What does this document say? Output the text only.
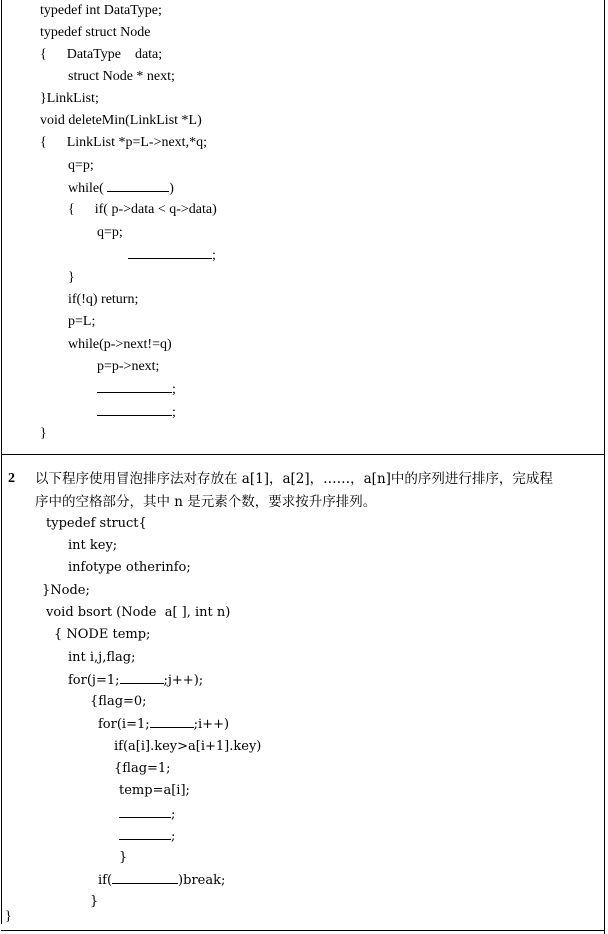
typedef int DataType;
typedef struct Node
{ DataType    data;
struct Node * next;
}LinkList;
void deleteMin(LinkList *L)
{ LinkList *p=L->next,*q;
q=p;
while(	)
{ if( p->data < q->data)
q=p;
;
}
if(!q) return;
p=L;
while(p->next!=q)
p=p->next;
;
;
}
2 以下程序使用冒泡排序法对存放在 a[1]，a[2]，……，a[n]中的序列进行排序，完成程
序中的空格部分，其中 n 是元素个数，要求按升序排列。
typedef struct{
int key;
infotype otherinfo;
}Node;
void bsort (Node  a[ ], int n)
{ NODE temp;
int i,j,flag;
for(j=1;	;j++);
{flag=0;
for(i=1;	;i++)
if(a[i].key>a[i+1].key)
{flag=1;
temp=a[i];
;
;
}
if(	)break;
}
}
